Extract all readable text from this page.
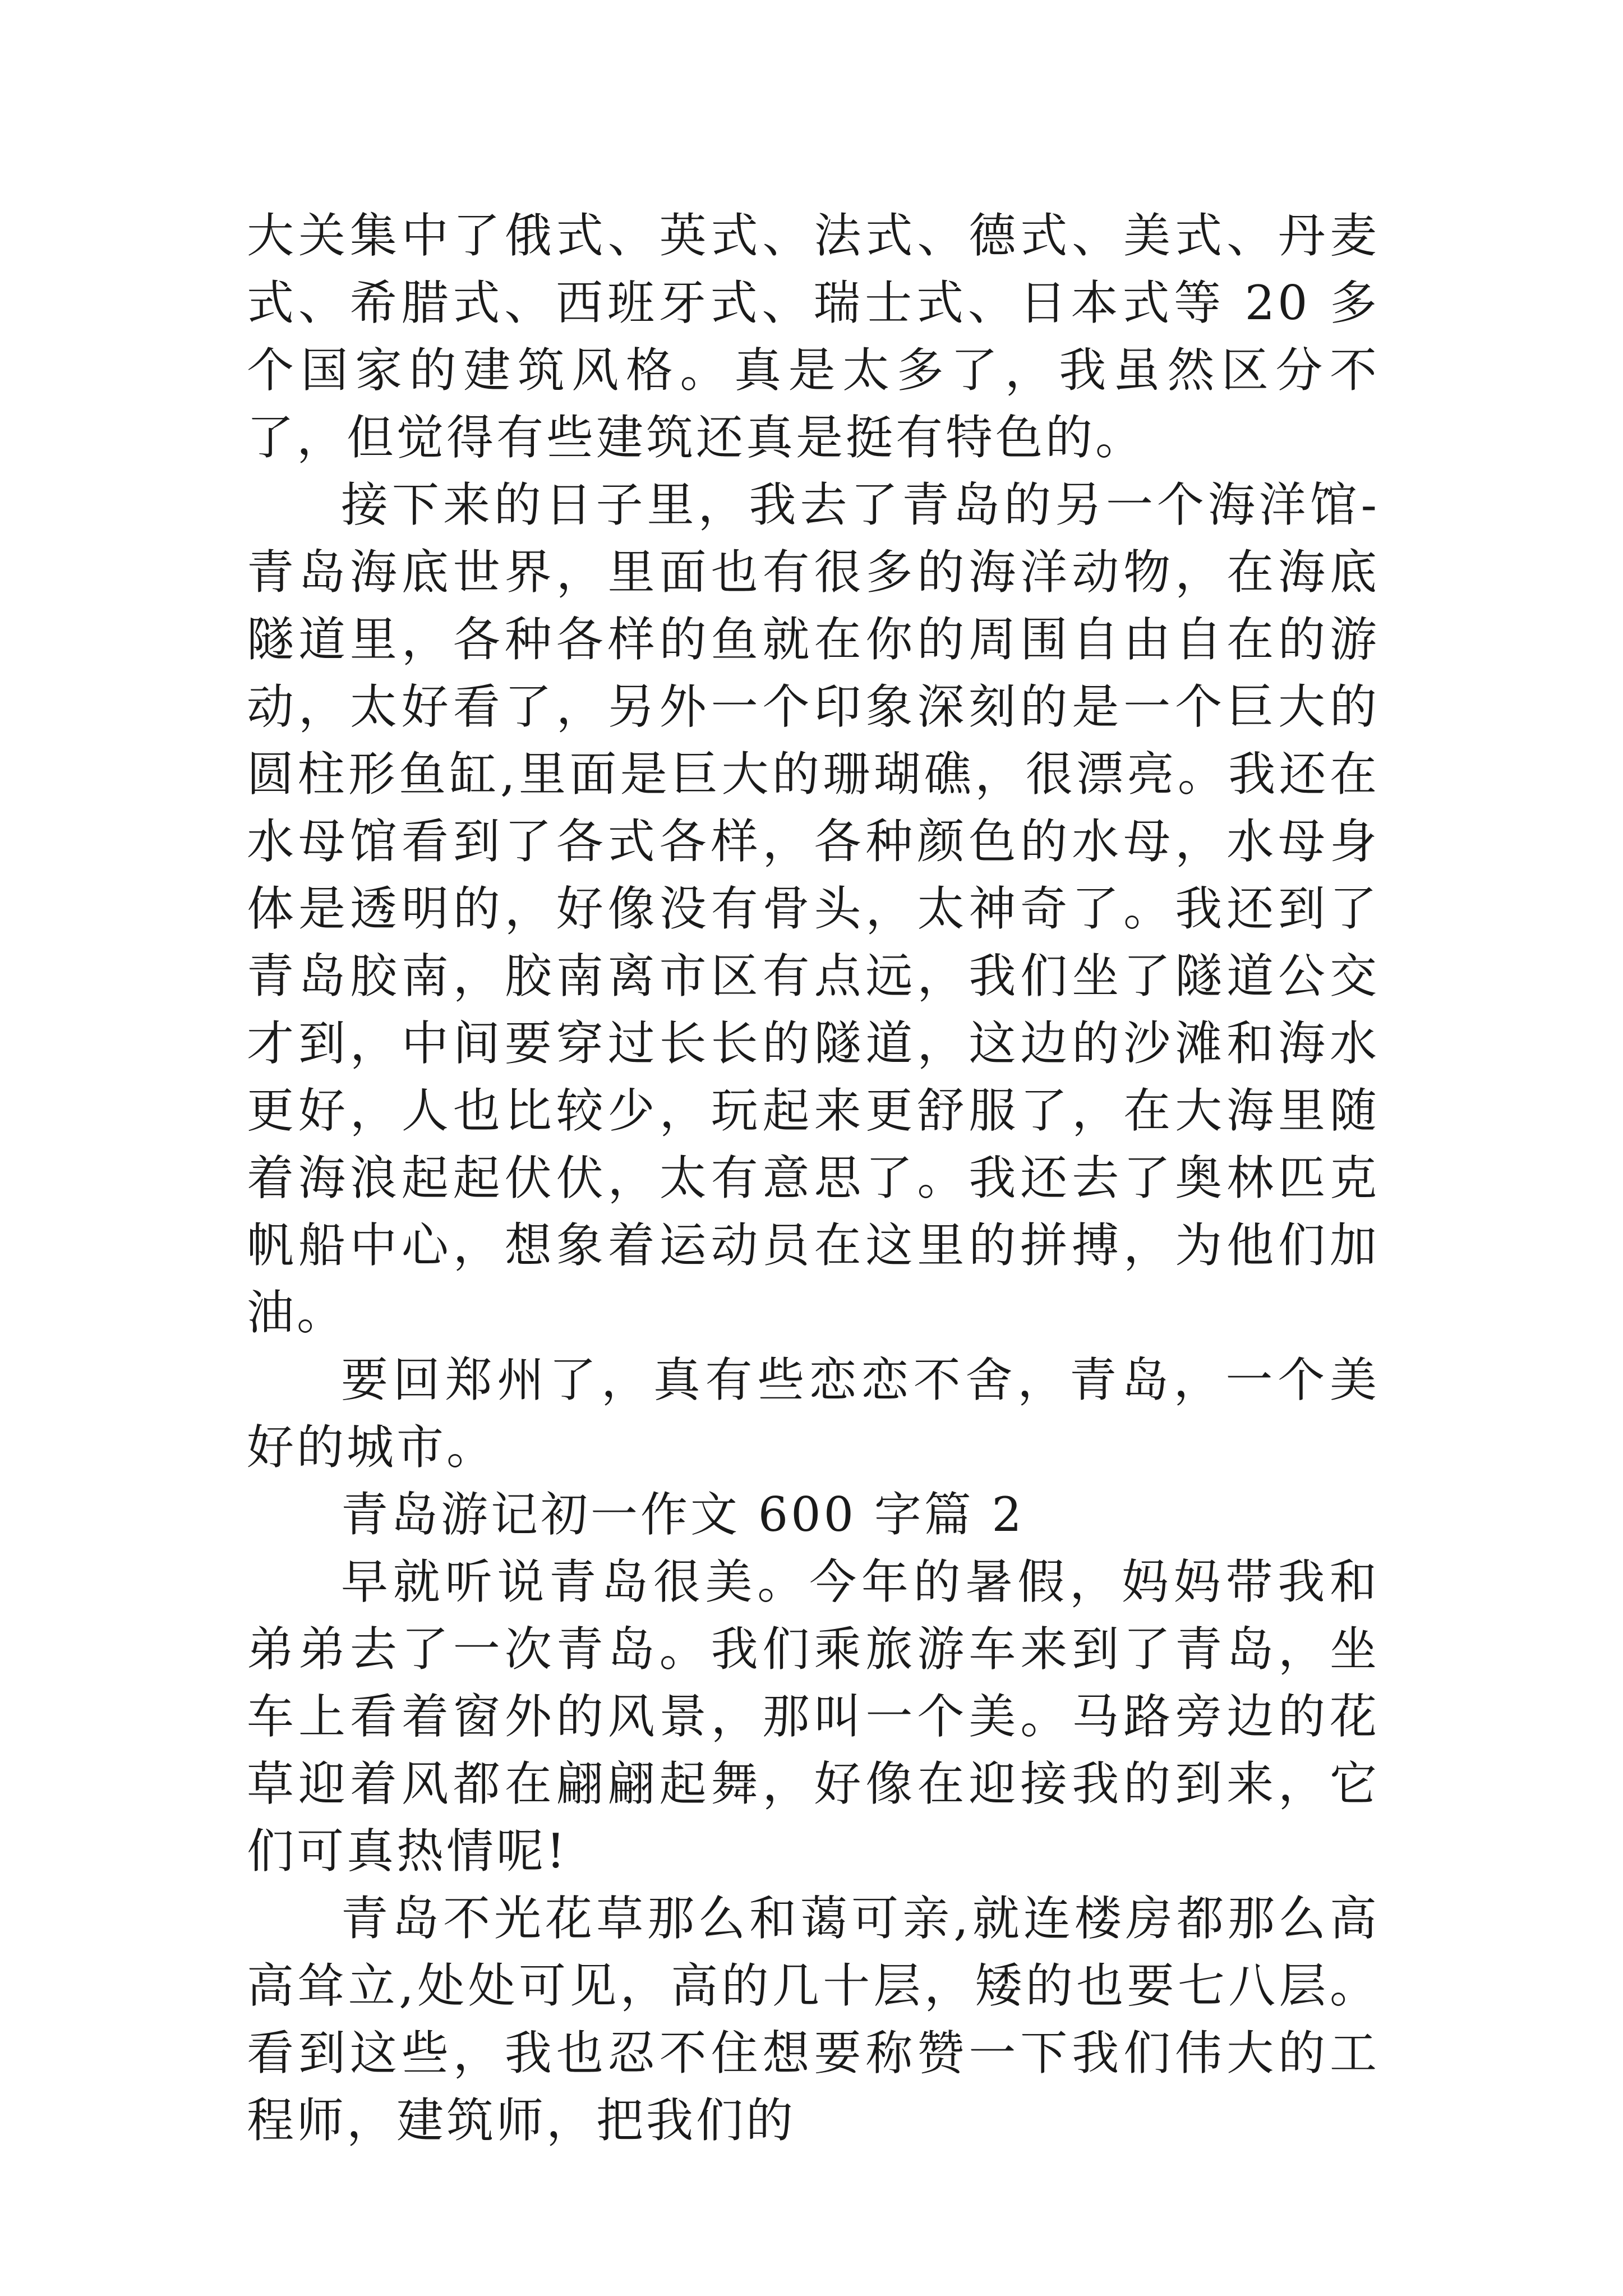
大关集中了俄式、英式、法式、德式、美式、丹麦式、希腊式、西班牙式、瑞士式、日本式等 20 多个国家的建筑风格。真是太多了，我虽然区分不了，但觉得有些建筑还真是挺有特色的。

接下来的日子里，我去了青岛的另一个海洋馆-青岛海底世界，里面也有很多的海洋动物，在海底隧道里，各种各样的鱼就在你的周围自由自在的游动，太好看了，另外一个印象深刻的是一个巨大的圆柱形鱼缸,里面是巨大的珊瑚礁，很漂亮。我还在水母馆看到了各式各样，各种颜色的水母，水母身体是透明的，好像没有骨头，太神奇了。我还到了青岛胶南，胶南离市区有点远，我们坐了隧道公交才到，中间要穿过长长的隧道，这边的沙滩和海水更好，人也比较少，玩起来更舒服了，在大海里随着海浪起起伏伏，太有意思了。我还去了奥林匹克帆船中心，想象着运动员在这里的拼搏，为他们加油。

要回郑州了，真有些恋恋不舍，青岛，一个美好的城市。

青岛游记初一作文 600 字篇 2

早就听说青岛很美。今年的暑假，妈妈带我和弟弟去了一次青岛。我们乘旅游车来到了青岛，坐车上看着窗外的风景，那叫一个美。马路旁边的花草迎着风都在翩翩起舞，好像在迎接我的到来，它们可真热情呢!

青岛不光花草那么和蔼可亲,就连楼房都那么高高耸立,处处可见，高的几十层，矮的也要七八层。看到这些，我也忍不住想要称赞一下我们伟大的工程师，建筑师，把我们的
